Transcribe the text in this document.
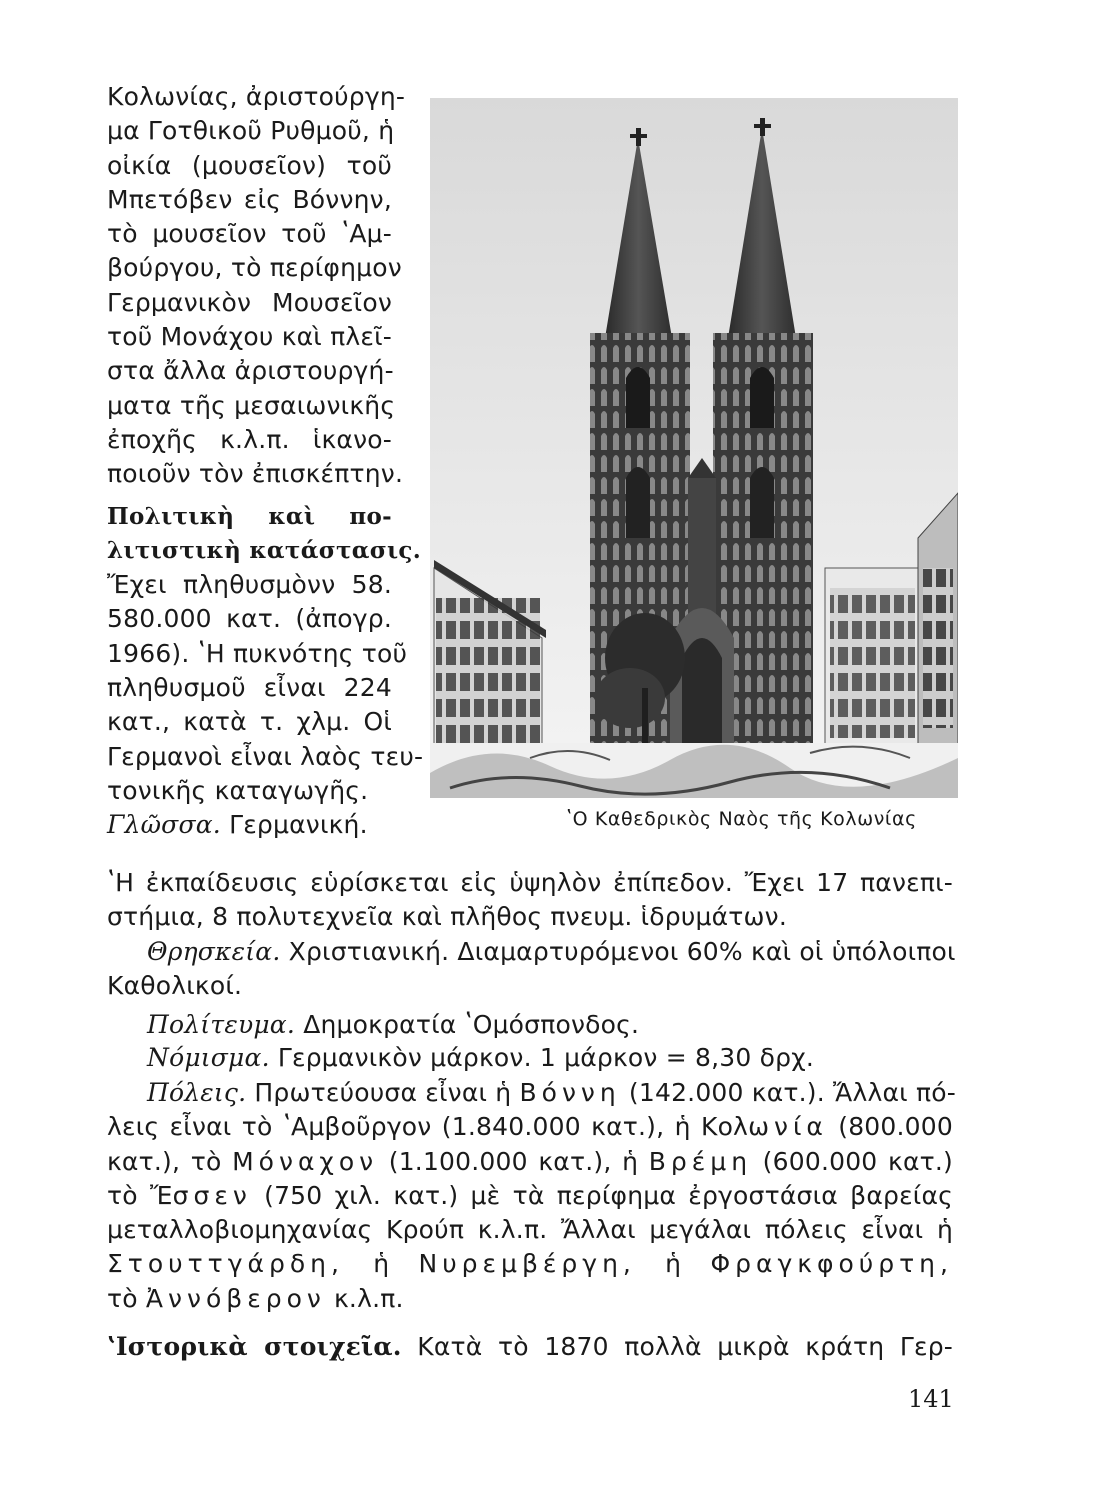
Κολωνίας, ἀριστούργη-
μα Γοτθικοῦ Ρυθμοῦ, ἡ
οἰκία (μουσεῖον) τοῦ
Μπετόβεν εἰς Βόννην,
τὸ μουσεῖον τοῦ ʽΑμ-
βούργου, τὸ περίφημον
Γερμανικὸν Μουσεῖον
τοῦ Μονάχου καὶ πλεῖ-
στα ἄλλα ἀριστουργή-
ματα τῆς μεσαιωνικῆς
ἐποχῆς κ.λ.π. ἱκανο-
ποιοῦν τὸν ἐπισκέπτην.
Πολιτικὴ καὶ πο-
λιτιστικὴ κατάστασις.
Ἔχει πληθυσμὸνν 58.
580.000 κατ. (ἀπογρ.
1966). ʽΗ πυκνότης τοῦ
πληθυσμοῦ εἶναι 224
κατ., κατὰ τ. χλμ. Οἱ
Γερμανοὶ εἶναι λαὸς τευ-
τονικῆς καταγωγῆς.
Γλῶσσα. Γερμανική.	ʽΟ Καθεδρικὸς Ναὸς τῆς Κολωνίας
ʽΗ ἐκπαίδευσις εὑρίσκεται εἰς ὑψηλὸν ἐπίπεδον. Ἔχει 17 πανεπι-
στήμια, 8 πολυτεχνεῖα καὶ πλῆθος πνευμ. ἱδρυμάτων.
Θρησκεία. Χριστιανική. Διαμαρτυρόμενοι 60% καὶ οἱ ὑπόλοιποι
Καθολικοί.
Πολίτευμα. Δημοκρατία ʽΟμόσπονδος.
Νόμισμα. Γερμανικὸν μάρκον. 1 μάρκον = 8,30 δρχ.
Πόλεις. Πρωτεύουσα εἶναι ἡ Βόννη (142.000 κατ.). Ἄλλαι πό-
λεις εἶναι τὸ ʽΑμβοῦργον (1.840.000 κατ.), ἡ Κολωνία (800.000
κατ.), τὸ Μόναχον (1.100.000 κατ.), ἡ Βρέμη (600.000 κατ.)
τὸ Ἔσσεν (750 χιλ. κατ.) μὲ τὰ περίφημα ἐργοστάσια βαρείας
μεταλλοβιομηχανίας Κρούπ κ.λ.π. Ἄλλαι μεγάλαι πόλεις εἶναι ἡ
Στουττγάρδη, ἡ Νυρεμβέργη, ἡ Φραγκφούρτη,
τὸ Ἀννόβερον κ.λ.π.
ʽΙστορικὰ στοιχεῖα. Κατὰ τὸ 1870 πολλὰ μικρὰ κράτη Γερ-
141
